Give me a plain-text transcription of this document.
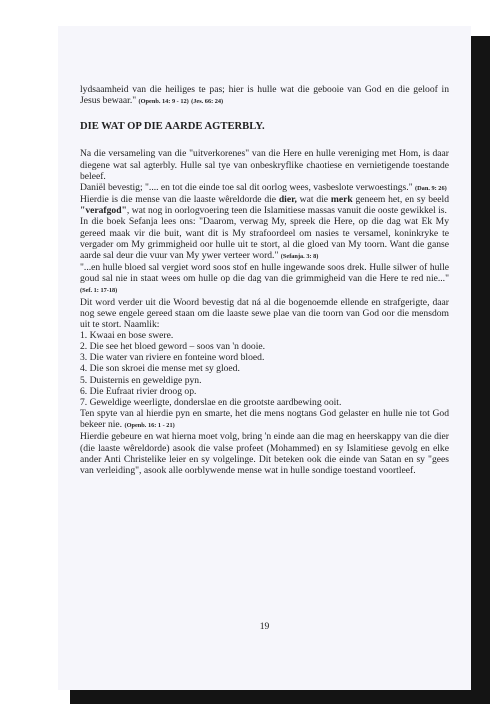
lydsaamheid van die heiliges te pas; hier is hulle wat die gebooie van God en die geloof in Jesus bewaar." (Openb. 14: 9 - 12) (Jes. 66: 24)

DIE WAT OP DIE AARDE AGTERBLY.

Na die versameling van die "uitverkorenes" van die Here en hulle vereniging met Hom, is daar diegene wat sal agterbly. Hulle sal tye van onbeskryflike chaotiese en vernietigende toestande beleef.

Daniël bevestig; ".... en tot die einde toe sal dit oorlog wees, vasbeslote verwoestings." (Dan. 9: 26)

Hierdie is die mense van die laaste wêreldorde die dier, wat die merk geneem het, en sy beeld "verafgod", wat nog in oorlogvoering teen die Islamitiese massas vanuit die ooste gewikkel is.

In die boek Sefanja lees ons: "Daarom, verwag My, spreek die Here, op die dag wat Ek My gereed maak vir die buit, want dit is My strafoordeel om nasies te versamel, koninkryke te vergader om My grimmigheid oor hulle uit te stort, al die gloed van My toorn. Want die ganse aarde sal deur die vuur van My ywer verteer word." (Sefanja. 3: 8)

"...en hulle bloed sal vergiet word soos stof en hulle ingewande soos drek. Hulle silwer of hulle goud sal nie in staat wees om hulle op die dag van die grimmigheid van die Here te red nie..." (Sef. 1: 17-18)

Dit word verder uit die Woord bevestig dat ná al die bogenoemde ellende en strafgerigte, daar nog sewe engele gereed staan om die laaste sewe plae van die toorn van God oor die mensdom uit te stort. Naamlik:

1. Kwaai en bose swere.

2. Die see het bloed geword – soos van 'n dooie.

3. Die water van riviere en fonteine word bloed.

4. Die son skroei die mense met sy gloed.

5. Duisternis en geweldige pyn.

6. Die Eufraat rivier droog op.

7. Geweldige weerligte, donderslae en die grootste aardbewing ooit.

Ten spyte van al hierdie pyn en smarte, het die mens nogtans God gelaster en hulle nie tot God bekeer nie. (Openb. 16: 1 - 21)

Hierdie gebeure en wat hierna moet volg, bring 'n einde aan die mag en heerskappy van die dier (die laaste wêreldorde) asook die valse profeet (Mohammed) en sy Islamitiese gevolg en elke ander Anti Christelike leier en sy volgelinge. Dit beteken ook die einde van Satan en sy "gees van verleiding", asook alle oorblywende mense wat in hulle sondige toestand voortleef.

19
